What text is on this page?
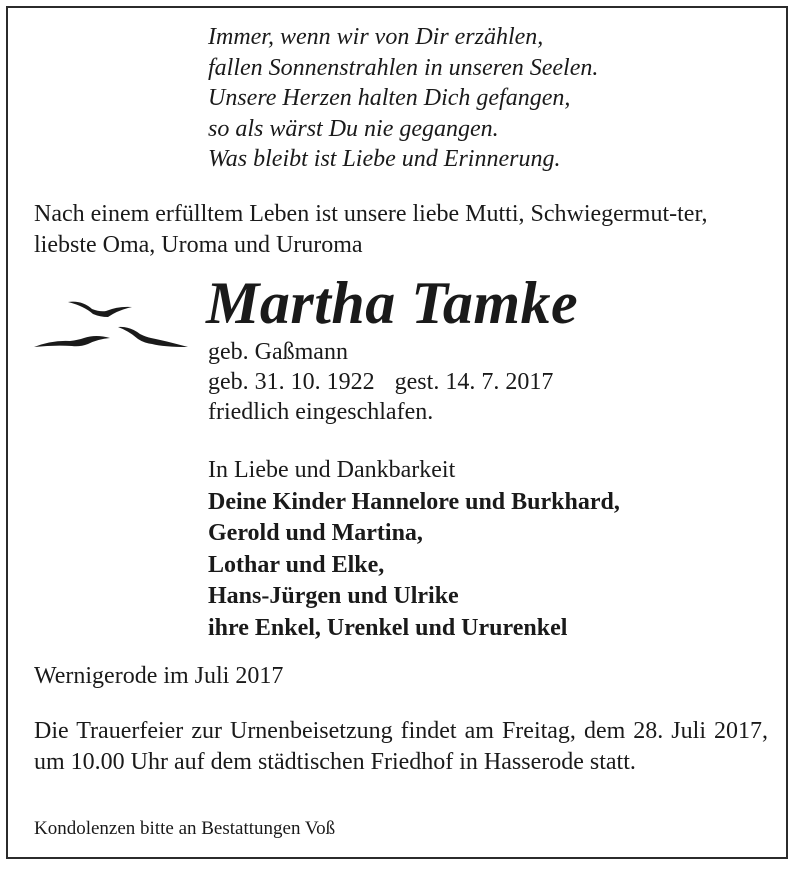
Immer, wenn wir von Dir erzählen,
fallen Sonnenstrahlen in unseren Seelen.
Unsere Herzen halten Dich gefangen,
so als wärst Du nie gegangen.
Was bleibt ist Liebe und Erinnerung.
Nach einem erfülltem Leben ist unsere liebe Mutti, Schwiegermut-ter, liebste Oma, Uroma und Ururoma
Martha Tamke
geb. Gaßmann
geb. 31. 10. 1922 gest. 14. 7. 2017
friedlich eingeschlafen.
In Liebe und Dankbarkeit
Deine Kinder Hannelore und Burkhard,
Gerold und Martina,
Lothar und Elke,
Hans-Jürgen und Ulrike
ihre Enkel, Urenkel und Ururenkel
Wernigerode im Juli 2017
Die Trauerfeier zur Urnenbeisetzung findet am Freitag, dem 28. Juli 2017, um 10.00 Uhr auf dem städtischen Friedhof in Hasserode statt.
Kondolenzen bitte an Bestattungen Voß
